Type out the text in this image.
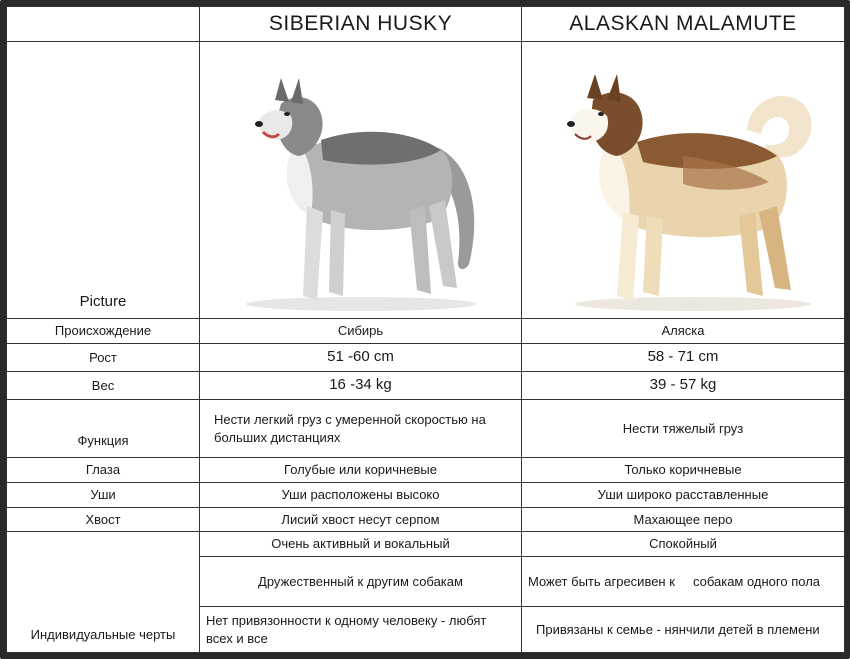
	SIBERIAN HUSKY	ALASKAN MALAMUTE
Picture	

Происхождение	Сибирь	Аляска
Рост	51 -60 cm	58 - 71 cm
Вес	16 -34 kg	39 - 57 kg
Функция	Нести легкий груз с умеренной скоростью на больших дистанциях	Нести тяжелый груз
Глаза	Голубые или коричневые	Только коричневые
Уши	Уши расположены высоко	Уши широко расставленные
Хвост	Лисий хвост несут серпом	Махающее перо
Индивидуальные черты	Очень активный и вокальный	Спокойный
	Дружественный к другим собакам	Может быть агресивен к     собакам одного пола
	Нет привязонности к одному человеку - любят всех и все	Привязаны к семье - нянчили детей в племени
